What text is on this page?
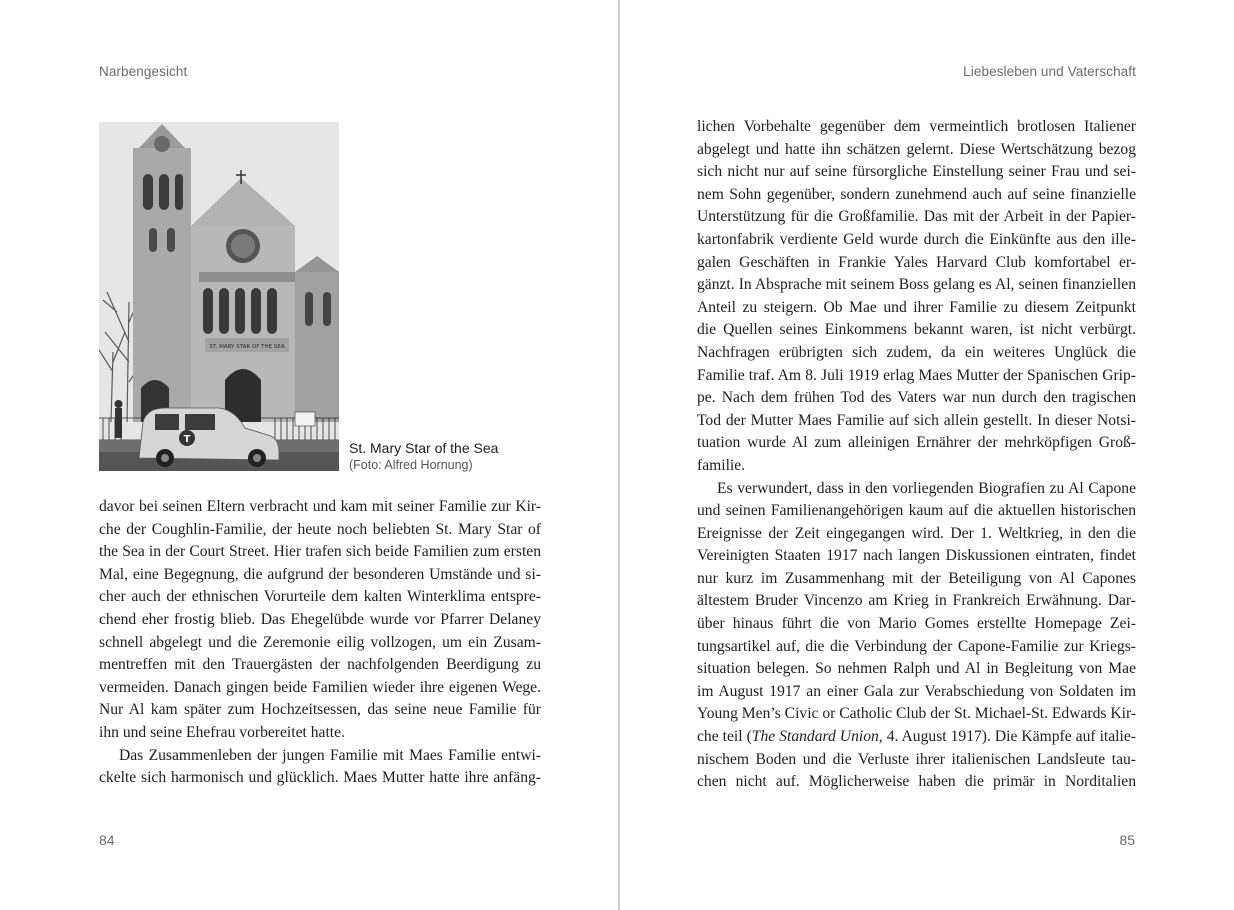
Narbengesicht
ST. MARY STAR OF THE SEA
T
St. Mary Star of the Sea
(Foto: Alfred Hornung)
davor bei seinen Eltern verbracht und kam mit seiner Familie zur Kir-
che der Coughlin-Familie, der heute noch beliebten St. Mary Star of
the Sea in der Court Street. Hier trafen sich beide Familien zum ersten
Mal, eine Begegnung, die aufgrund der besonderen Umstände und si-
cher auch der ethnischen Vorurteile dem kalten Winterklima entspre-
chend eher frostig blieb. Das Ehegelübde wurde vor Pfarrer Delaney
schnell abgelegt und die Zeremonie eilig vollzogen, um ein Zusam-
mentreffen mit den Trauergästen der nachfolgenden Beerdigung zu
vermeiden. Danach gingen beide Familien wieder ihre eigenen Wege.
Nur Al kam später zum Hochzeitsessen, das seine neue Familie für
ihn und seine Ehefrau vorbereitet hatte.
Das Zusammenleben der jungen Familie mit Maes Familie entwi-
ckelte sich harmonisch und glücklich. Maes Mutter hatte ihre anfäng-
84
Liebesleben und Vaterschaft
lichen Vorbehalte gegenüber dem vermeintlich brotlosen Italiener
abgelegt und hatte ihn schätzen gelernt. Diese Wertschätzung bezog
sich nicht nur auf seine fürsorgliche Einstellung seiner Frau und sei-
nem Sohn gegenüber, sondern zunehmend auch auf seine finanzielle
Unterstützung für die Großfamilie. Das mit der Arbeit in der Papier-
kartonfabrik verdiente Geld wurde durch die Einkünfte aus den ille-
galen Geschäften in Frankie Yales Harvard Club komfortabel er-
gänzt. In Absprache mit seinem Boss gelang es Al, seinen finanziellen
Anteil zu steigern. Ob Mae und ihrer Familie zu diesem Zeitpunkt
die Quellen seines Einkommens bekannt waren, ist nicht verbürgt.
Nachfragen erübrigten sich zudem, da ein weiteres Unglück die
Familie traf. Am 8. Juli 1919 erlag Maes Mutter der Spanischen Grip-
pe. Nach dem frühen Tod des Vaters war nun durch den tragischen
Tod der Mutter Maes Familie auf sich allein gestellt. In dieser Notsi-
tuation wurde Al zum alleinigen Ernährer der mehrköpfigen Groß-
familie.
Es verwundert, dass in den vorliegenden Biografien zu Al Capone
und seinen Familienangehörigen kaum auf die aktuellen historischen
Ereignisse der Zeit eingegangen wird. Der 1. Weltkrieg, in den die
Vereinigten Staaten 1917 nach langen Diskussionen eintraten, findet
nur kurz im Zusammenhang mit der Beteiligung von Al Capones
ältestem Bruder Vincenzo am Krieg in Frankreich Erwähnung. Dar-
über hinaus führt die von Mario Gomes erstellte Homepage Zei-
tungsartikel auf, die die Verbindung der Capone-Familie zur Kriegs-
situation belegen. So nehmen Ralph und Al in Begleitung von Mae
im August 1917 an einer Gala zur Verabschiedung von Soldaten im
Young Men’s Civic or Catholic Club der St. Michael-St. Edwards Kir-
che teil (The Standard Union, 4. August 1917). Die Kämpfe auf italie-
nischem Boden und die Verluste ihrer italienischen Landsleute tau-
chen nicht auf. Möglicherweise haben die primär in Norditalien
85
